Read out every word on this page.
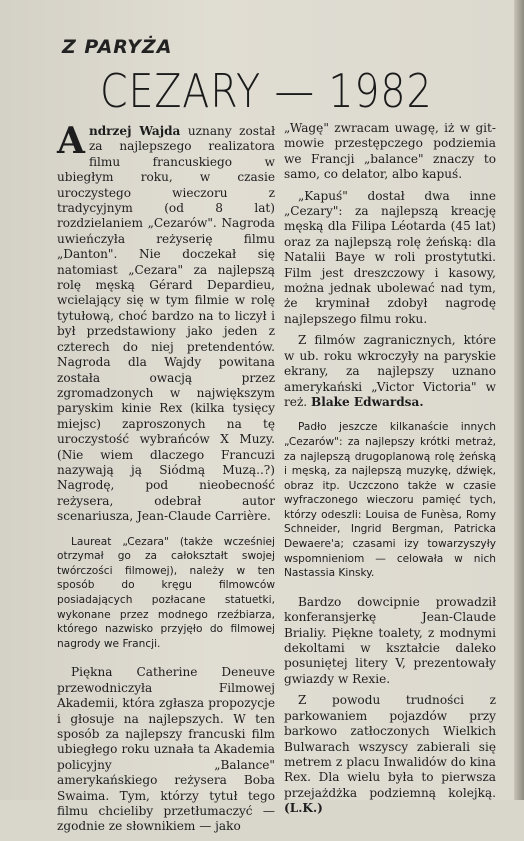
Z PARYŻA
CEZARY — 1982

Andrzej Wajda uznany został za najlepszego realizatora filmu francuskiego w ubiegłym roku, w czasie uroczystego wieczoru z tradycyjnym (od 8 lat) rozdzielaniem „Cezarów". Nagroda uwieńczyła reżyserię filmu „Danton". Nie doczekał się natomiast „Cezara" za najlepszą rolę męską Gérard Depardieu, wcielający się w tym filmie w rolę tytułową, choć bardzo na to liczył i był przedstawiony jako jeden z czterech do niej pretendentów. Nagroda dla Wajdy powitana została owacją przez zgromadzonych w największym paryskim kinie Rex (kilka tysięcy miejsc) zaproszonych na tę uroczystość wybrańców X Muzy. (Nie wiem dlaczego Francuzi nazywają ją Siódmą Muzą..?) Nagrodę, pod nieobecność reżysera, odebrał autor scenariusza, Jean-Claude Carrière.

Laureat „Cezara" (także wcześniej otrzymał go za całokształt swojej twórczości filmowej), należy w ten sposób do kręgu filmowców posiadających pozłacane statuetki, wykonane przez modnego rzeźbiarza, którego nazwisko przyjęło do filmowej nagrody we Francji.

Piękna Catherine Deneuve przewodniczyła Filmowej Akademii, która zgłasza propozycje i głosuje na najlepszych. W ten sposób za najlepszy francuski film ubiegłego roku uznała ta Akademia policyjny „Balance" amerykańskiego reżysera Boba Swaima. Tym, którzy tytuł tego filmu chcieliby przetłumaczyć — zgodnie ze słownikiem — jako

„Wagę" zwracam uwagę, iż w git-mowie przestępczego podziemia we Francji „balance" znaczy to samo, co delator, albo kapuś.

„Kapuś" dostał dwa inne „Cezary": za najlepszą kreację męską dla Filipa Léotarda (45 lat) oraz za najlepszą rolę żeńską: dla Natalii Baye w roli prostytutki. Film jest dreszczowy i kasowy, można jednak ubolewać nad tym, że kryminał zdobył nagrodę najlepszego filmu roku.

Z filmów zagranicznych, które w ub. roku wkroczyły na paryskie ekrany, za najlepszy uznano amerykański „Victor Victoria" w reż. Blake Edwardsa.

Padło jeszcze kilkanaście innych „Cezarów": za najlepszy krótki metraż, za najlepszą drugoplanową rolę żeńską i męską, za najlepszą muzykę, dźwięk, obraz itp. Uczczono także w czasie wyfraczonego wieczoru pamięć tych, którzy odeszli: Louisa de Funèsa, Romy Schneider, Ingrid Bergman, Patricka Dewaere'a; czasami izy towarzyszyły wspomnieniom — celowała w nich Nastassia Kinsky.

Bardzo dowcipnie prowadził konferansjerkę Jean-Claude Brialiy. Piękne toalety, z modnymi dekoltami w kształcie daleko posuniętej litery V, prezentowały gwiazdy w Rexie.

Z powodu trudności z parkowaniem pojazdów przy barkowo zatłoczonych Wielkich Bulwarach wszyscy zabierali się metrem z placu Inwalidów do kina Rex. Dla wielu była to pierwsza przejażdżka podziemną kolejką. (L.K.)
